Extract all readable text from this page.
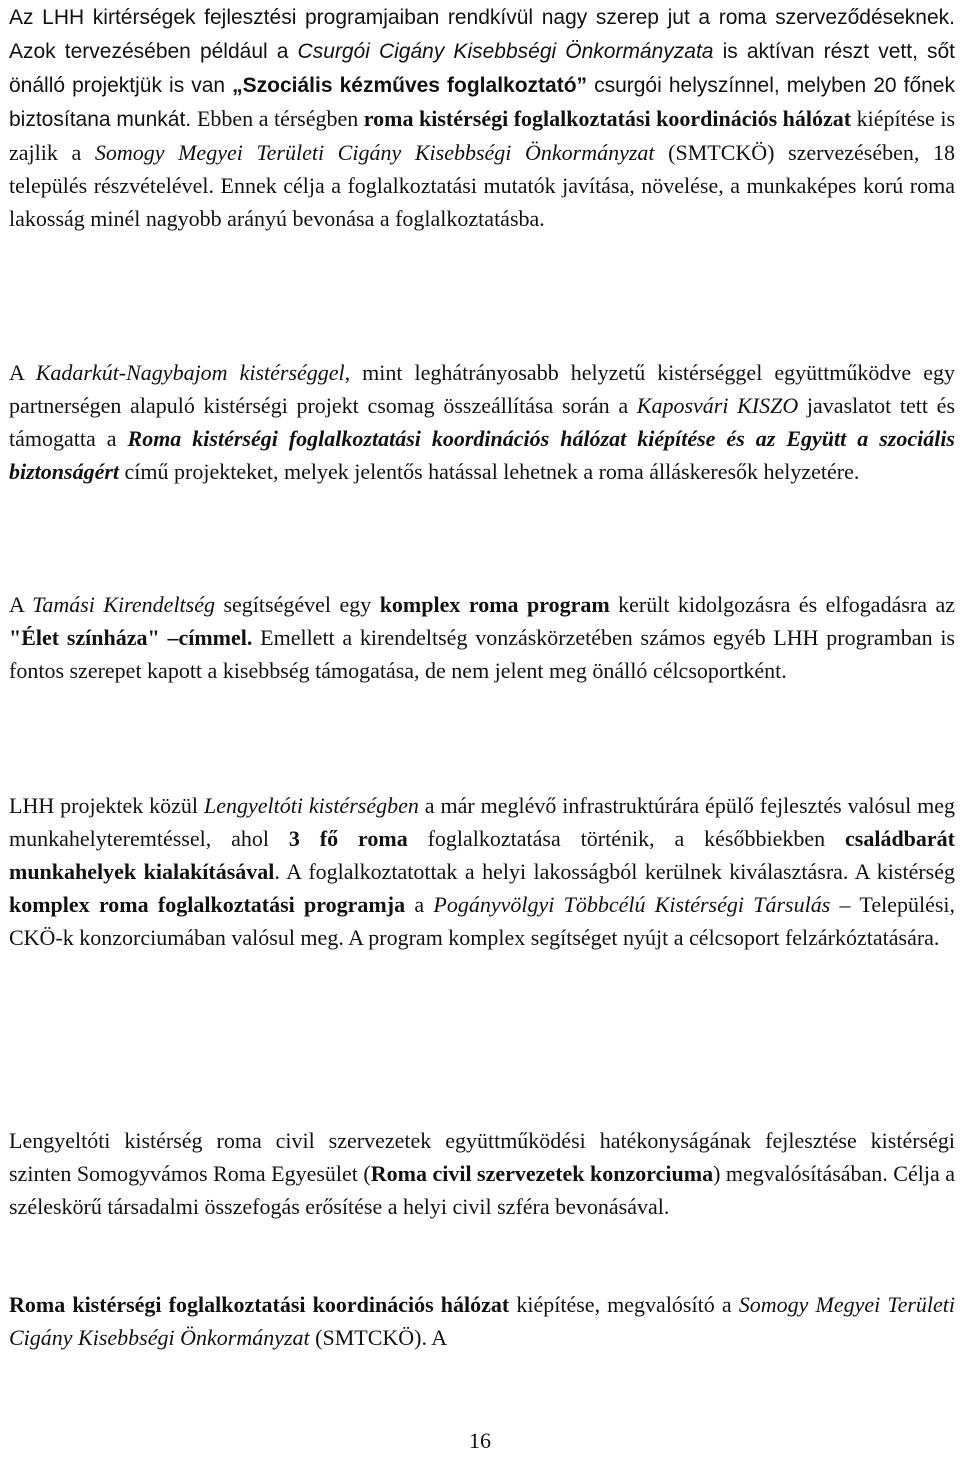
Az LHH kirtérségek fejlesztési programjaiban rendkívül nagy szerep jut a roma szerveződéseknek. Azok tervezésében például a Csurgói Cigány Kisebbségi Önkormányzata is aktívan részt vett, sőt önálló projektjük is van „Szociális kézműves foglalkoztató” csurgói helyszínnel, melyben 20 főnek biztosítana munkát. Ebben a térségben roma kistérségi foglalkoztatási koordinációs hálózat kiépítése is zajlik a Somogy Megyei Területi Cigány Kisebbségi Önkormányzat (SMTCKÖ) szervezésében, 18 település részvételével. Ennek célja a foglalkoztatási mutatók javítása, növelése, a munkaképes korú roma lakosság minél nagyobb arányú bevonása a foglalkoztatásba.

A Kadarkút-Nagybajom kistérséggel, mint leghátrányosabb helyzetű kistérséggel együttműködve egy partnerségen alapuló kistérségi projekt csomag összeállítása során a Kaposvári KISZO javaslatot tett és támogatta a Roma kistérségi foglalkoztatási koordinációs hálózat kiépítése és az Együtt a szociális biztonságért című projekteket, melyek jelentős hatással lehetnek a roma álláskeresők helyzetére.

A Tamási Kirendeltség segítségével egy komplex roma program került kidolgozásra és elfogadásra az "Élet színháza" –címmel. Emellett a kirendeltség vonzáskörzetében számos egyéb LHH programban is fontos szerepet kapott a kisebbség támogatása, de nem jelent meg önálló célcsoportként.

LHH projektek közül Lengyeltóti kistérségben a már meglévő infrastruktúrára épülő fejlesztés valósul meg munkahelyteremtéssel, ahol 3 fő roma foglalkoztatása történik, a későbbiekben családbarát munkahelyek kialakításával. A foglalkoztatottak a helyi lakosságból kerülnek kiválasztásra. A kistérség komplex roma foglalkoztatási programja a Pogányvölgyi Többcélú Kistérségi Társulás – Települési, CKÖ-k konzorciumában valósul meg. A program komplex segítséget nyújt a célcsoport felzárkóztatására.

Lengyeltóti kistérség roma civil szervezetek együttműködési hatékonyságának fejlesztése kistérségi szinten Somogyvámos Roma Egyesület (Roma civil szervezetek konzorciuma) megvalósításában. Célja a széleskörű társadalmi összefogás erősítése a helyi civil szféra bevonásával.

Roma kistérségi foglalkoztatási koordinációs hálózat kiépítése, megvalósító a Somogy Megyei Területi Cigány Kisebbségi Önkormányzat (SMTCKÖ). A

16
